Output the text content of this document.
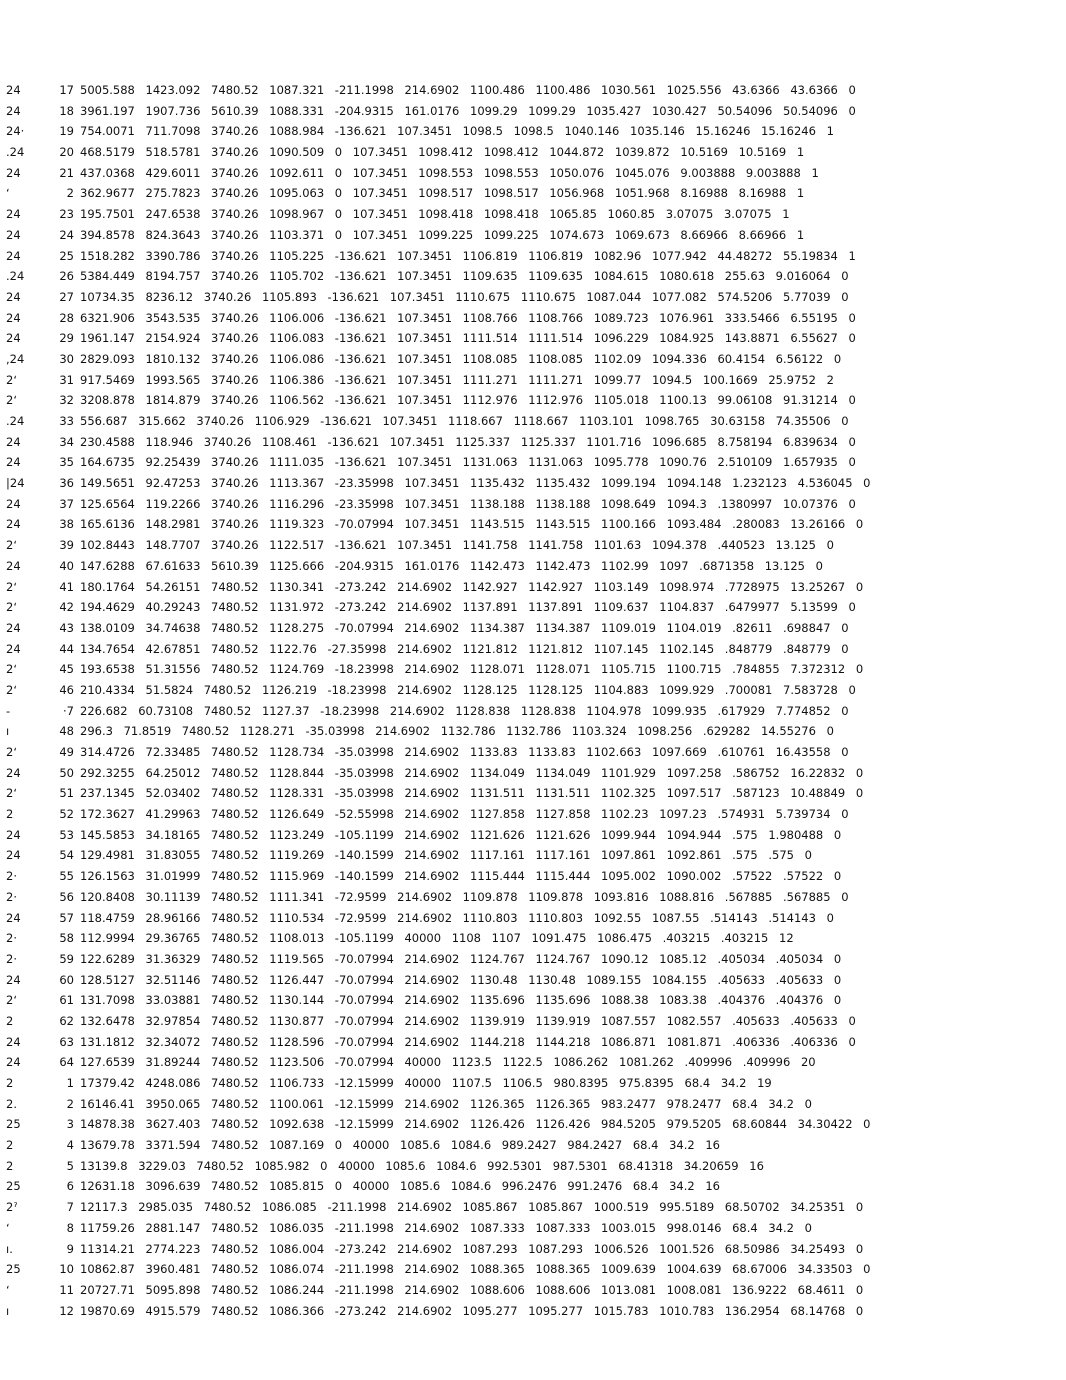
24	17 5005.588 1423.092 7480.52 1087.321 -211.1998 214.6902 1100.486 1100.486 1030.561 1025.556 43.6366 43.6366 0
24	18 3961.197 1907.736 5610.39 1088.331 -204.9315 161.0176 1099.29 1099.29 1035.427 1030.427 50.54096 50.54096 0
24·	19 754.0071 711.7098 3740.26 1088.984 -136.621 107.3451 1098.5 1098.5 1040.146 1035.146 15.16246 15.16246 1
.24	20 468.5179 518.5781 3740.26 1090.509 0 107.3451 1098.412 1098.412 1044.872 1039.872 10.5169 10.5169 1
24	21 437.0368 429.6011 3740.26 1092.611 0 107.3451 1098.553 1098.553 1050.076 1045.076 9.003888 9.003888 1
ʻ	2 362.9677 275.7823 3740.26 1095.063 0 107.3451 1098.517 1098.517 1056.968 1051.968 8.16988 8.16988 1
24	23 195.7501 247.6538 3740.26 1098.967 0 107.3451 1098.418 1098.418 1065.85 1060.85 3.07075 3.07075 1
24	24 394.8578 824.3643 3740.26 1103.371 0 107.3451 1099.225 1099.225 1074.673 1069.673 8.66966 8.66966 1
24	25 1518.282 3390.786 3740.26 1105.225 -136.621 107.3451 1106.819 1106.819 1082.96 1077.942 44.48272 55.19834 1
.24	26 5384.449 8194.757 3740.26 1105.702 -136.621 107.3451 1109.635 1109.635 1084.615 1080.618 255.63 9.016064 0
24	27 10734.35 8236.12 3740.26 1105.893 -136.621 107.3451 1110.675 1110.675 1087.044 1077.082 574.5206 5.77039 0
24	28 6321.906 3543.535 3740.26 1106.006 -136.621 107.3451 1108.766 1108.766 1089.723 1076.961 333.5466 6.55195 0
24	29 1961.147 2154.924 3740.26 1106.083 -136.621 107.3451 1111.514 1111.514 1096.229 1084.925 143.8871 6.55627 0
,24	30 2829.093 1810.132 3740.26 1106.086 -136.621 107.3451 1108.085 1108.085 1102.09 1094.336 60.4154 6.56122 0
2ʻ	31 917.5469 1993.565 3740.26 1106.386 -136.621 107.3451 1111.271 1111.271 1099.77 1094.5 100.1669 25.9752 2
2ʻ	32 3208.878 1814.879 3740.26 1106.562 -136.621 107.3451 1112.976 1112.976 1105.018 1100.13 99.06108 91.31214 0
.24	33 556.687 315.662 3740.26 1106.929 -136.621 107.3451 1118.667 1118.667 1103.101 1098.765 30.63158 74.35506 0
24	34 230.4588 118.946 3740.26 1108.461 -136.621 107.3451 1125.337 1125.337 1101.716 1096.685 8.758194 6.839634 0
24	35 164.6735 92.25439 3740.26 1111.035 -136.621 107.3451 1131.063 1131.063 1095.778 1090.76 2.510109 1.657935 0
|24	36 149.5651 92.47253 3740.26 1113.367 -23.35998 107.3451 1135.432 1135.432 1099.194 1094.148 1.232123 4.536045 0
24	37 125.6564 119.2266 3740.26 1116.296 -23.35998 107.3451 1138.188 1138.188 1098.649 1094.3 .1380997 10.07376 0
24	38 165.6136 148.2981 3740.26 1119.323 -70.07994 107.3451 1143.515 1143.515 1100.166 1093.484 .280083 13.26166 0
2ʻ	39 102.8443 148.7707 3740.26 1122.517 -136.621 107.3451 1141.758 1141.758 1101.63 1094.378 .440523 13.125 0
24	40 147.6288 67.61633 5610.39 1125.666 -204.9315 161.0176 1142.473 1142.473 1102.99 1097 .6871358 13.125 0
2ʻ	41 180.1764 54.26151 7480.52 1130.341 -273.242 214.6902 1142.927 1142.927 1103.149 1098.974 .7728975 13.25267 0
2ʻ	42 194.4629 40.29243 7480.52 1131.972 -273.242 214.6902 1137.891 1137.891 1109.637 1104.837 .6479977 5.13599 0
24	43 138.0109 34.74638 7480.52 1128.275 -70.07994 214.6902 1134.387 1134.387 1109.019 1104.019 .82611 .698847 0
24	44 134.7654 42.67851 7480.52 1122.76 -27.35998 214.6902 1121.812 1121.812 1107.145 1102.145 .848779 .848779 0
2ʻ	45 193.6538 51.31556 7480.52 1124.769 -18.23998 214.6902 1128.071 1128.071 1105.715 1100.715 .784855 7.372312 0
2ʻ	46 210.4334 51.5824 7480.52 1126.219 -18.23998 214.6902 1128.125 1128.125 1104.883 1099.929 .700081 7.583728 0
-	·7 226.682 60.73108 7480.52 1127.37 -18.23998 214.6902 1128.838 1128.838 1104.978 1099.935 .617929 7.774852 0
ı	48 296.3 71.8519 7480.52 1128.271 -35.03998 214.6902 1132.786 1132.786 1103.324 1098.256 .629282 14.55276 0
2ʻ	49 314.4726 72.33485 7480.52 1128.734 -35.03998 214.6902 1133.83 1133.83 1102.663 1097.669 .610761 16.43558 0
24	50 292.3255 64.25012 7480.52 1128.844 -35.03998 214.6902 1134.049 1134.049 1101.929 1097.258 .586752 16.22832 0
2ʻ	51 237.1345 52.03402 7480.52 1128.331 -35.03998 214.6902 1131.511 1131.511 1102.325 1097.517 .587123 10.48849 0
2	52 172.3627 41.29963 7480.52 1126.649 -52.55998 214.6902 1127.858 1127.858 1102.23 1097.23 .574931 5.739734 0
24	53 145.5853 34.18165 7480.52 1123.249 -105.1199 214.6902 1121.626 1121.626 1099.944 1094.944 .575 1.980488 0
24	54 129.4981 31.83055 7480.52 1119.269 -140.1599 214.6902 1117.161 1117.161 1097.861 1092.861 .575 .575 0
2·	55 126.1563 31.01999 7480.52 1115.969 -140.1599 214.6902 1115.444 1115.444 1095.002 1090.002 .57522 .57522 0
2·	56 120.8408 30.11139 7480.52 1111.341 -72.9599 214.6902 1109.878 1109.878 1093.816 1088.816 .567885 .567885 0
24	57 118.4759 28.96166 7480.52 1110.534 -72.9599 214.6902 1110.803 1110.803 1092.55 1087.55 .514143 .514143 0
2·	58 112.9994 29.36765 7480.52 1108.013 -105.1199 40000 1108 1107 1091.475 1086.475 .403215 .403215 12
2·	59 122.6289 31.36329 7480.52 1119.565 -70.07994 214.6902 1124.767 1124.767 1090.12 1085.12 .405034 .405034 0
24	60 128.5127 32.51146 7480.52 1126.447 -70.07994 214.6902 1130.48 1130.48 1089.155 1084.155 .405633 .405633 0
2ʻ	61 131.7098 33.03881 7480.52 1130.144 -70.07994 214.6902 1135.696 1135.696 1088.38 1083.38 .404376 .404376 0
2	62 132.6478 32.97854 7480.52 1130.877 -70.07994 214.6902 1139.919 1139.919 1087.557 1082.557 .405633 .405633 0
24	63 131.1812 32.34072 7480.52 1128.596 -70.07994 214.6902 1144.218 1144.218 1086.871 1081.871 .406336 .406336 0
24	64 127.6539 31.89244 7480.52 1123.506 -70.07994 40000 1123.5 1122.5 1086.262 1081.262 .409996 .409996 20
2	1 17379.42 4248.086 7480.52 1106.733 -12.15999 40000 1107.5 1106.5 980.8395 975.8395 68.4 34.2 19
2.	2 16146.41 3950.065 7480.52 1100.061 -12.15999 214.6902 1126.365 1126.365 983.2477 978.2477 68.4 34.2 0
25	3 14878.38 3627.403 7480.52 1092.638 -12.15999 214.6902 1126.426 1126.426 984.5205 979.5205 68.60844 34.30422 0
2	4 13679.78 3371.594 7480.52 1087.169 0 40000 1085.6 1084.6 989.2427 984.2427 68.4 34.2 16
2	5 13139.8 3229.03 7480.52 1085.982 0 40000 1085.6 1084.6 992.5301 987.5301 68.41318 34.20659 16
25	6 12631.18 3096.639 7480.52 1085.815 0 40000 1085.6 1084.6 996.2476 991.2476 68.4 34.2 16
2ˀ	7 12117.3 2985.035 7480.52 1086.085 -211.1998 214.6902 1085.867 1085.867 1000.519 995.5189 68.50702 34.25351 0
ʻ	8 11759.26 2881.147 7480.52 1086.035 -211.1998 214.6902 1087.333 1087.333 1003.015 998.0146 68.4 34.2 0
ı.	9 11314.21 2774.223 7480.52 1086.004 -273.242 214.6902 1087.293 1087.293 1006.526 1001.526 68.50986 34.25493 0
25	10 10862.87 3960.481 7480.52 1086.074 -211.1998 214.6902 1088.365 1088.365 1009.639 1004.639 68.67006 34.33503 0
ʻ	11 20727.71 5095.898 7480.52 1086.244 -211.1998 214.6902 1088.606 1088.606 1013.081 1008.081 136.9222 68.4611 0
ı	12 19870.69 4915.579 7480.52 1086.366 -273.242 214.6902 1095.277 1095.277 1015.783 1010.783 136.2954 68.14768 0
